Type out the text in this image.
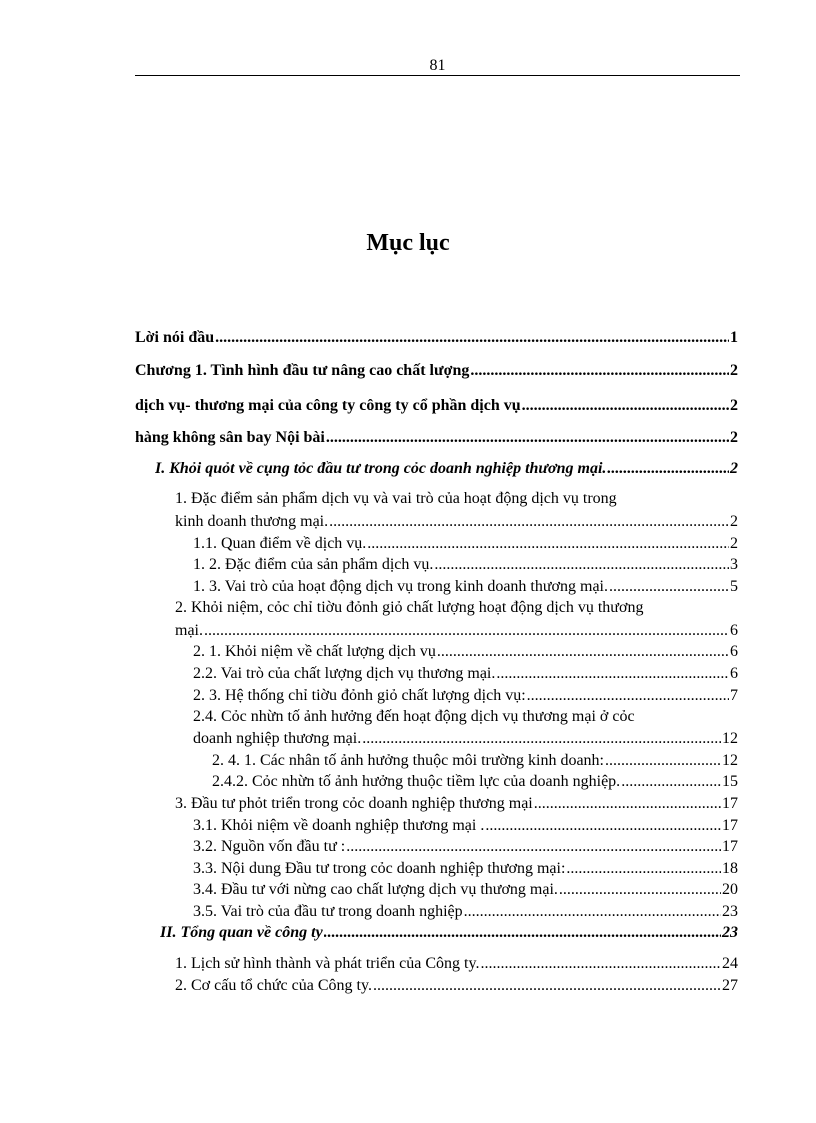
81
Mục lục
Lời nói đầu .....	1
Chương 1. Tình hình đầu tư nâng cao chất lượng .....	2
dịch vụ- thương mại của công ty công ty cổ phần dịch vụ .....	2
hàng không sân bay Nội bài .....	2
I. Khỏi quỏt về cụng tỏc đầu tư trong cỏc doanh nghiệp thương mại. .....	2
1. Đặc điểm sản phẩm dịch vụ và vai trò của hoạt động dịch vụ trong
kinh doanh thương mại. .....	2
1.1. Quan điểm về dịch vụ. .....	2
1. 2. Đặc điểm của sản phẩm dịch vụ. .....	3
1. 3. Vai trò của hoạt động dịch vụ trong kinh doanh thương mại. .....	5
2. Khỏi niệm, cỏc chỉ tiờu đỏnh giỏ chất lượng hoạt động dịch vụ thương
mại. .....	6
2. 1. Khỏi niệm về chất lượng dịch vụ .....	6
2.2. Vai trò của chất lượng dịch vụ thương mại. .....	6
2. 3. Hệ thống chỉ tiờu đỏnh giỏ chất lượng dịch vụ: .....	7
2.4. Cỏc nhừn tố ảnh hưởng đến hoạt động dịch vụ thương mại ở cỏc
doanh nghiệp thương mại. .....	12
2. 4. 1. Các nhân tố ảnh hưởng thuộc môi trường kinh doanh: .....	12
2.4.2. Cỏc nhừn tố ảnh hưởng thuộc tiềm lực của doanh nghiệp. .....	15
3. Đầu tư phỏt triển trong cỏc doanh nghiệp thương mại .....	17
3.1. Khỏi niệm về doanh nghiệp thương mại . .....	17
3.2. Nguồn vốn đầu tư : .....	17
3.3. Nội dung Đầu tư trong cỏc doanh nghiệp thương mại: .....	18
3.4. Đầu tư với nừng cao chất lượng dịch vụ thương mại. .....	20
3.5. Vai trò của đầu tư trong doanh nghiệp .....	23
II. Tổng quan về công ty .....	23
1. Lịch sử hình thành và phát triển của Công ty. .....	24
2. Cơ cấu tổ chức của Công ty. .....	27
